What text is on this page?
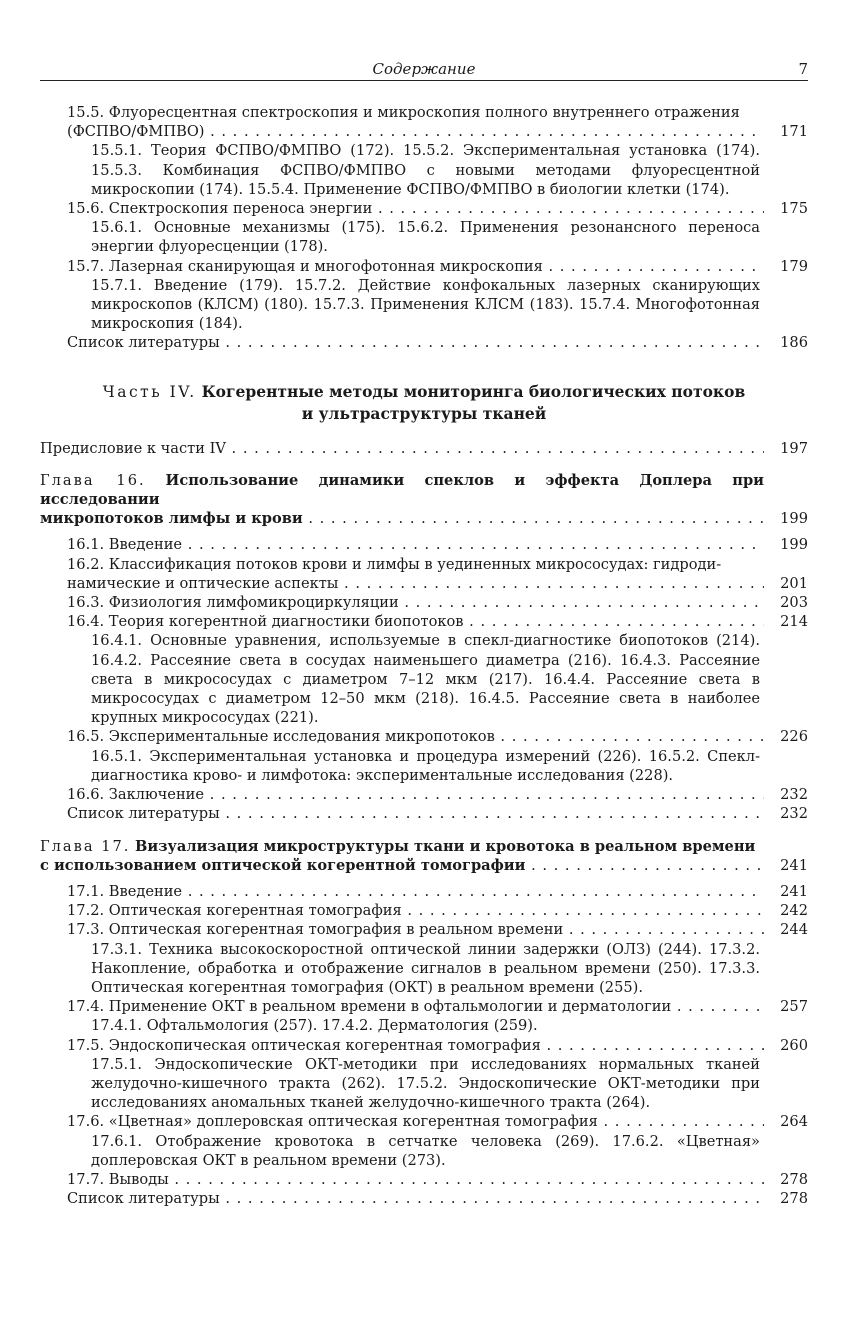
Содержание	7
15.5. Флуоресцентная спектроскопия и микроскопия полного внутреннего отражения
(ФСПВО/ФМПВО) . . .	171
15.5.1. Теория ФСПВО/ФМПВО (172). 15.5.2. Экспериментальная установка (174). 15.5.3. Комбинация ФСПВО/ФМПВО с новыми методами флуоресцентной микроскопии (174). 15.5.4. Применение ФСПВО/ФМПВО в биологии клетки (174).
15.6. Спектроскопия переноса энергии . . .	175
15.6.1. Основные механизмы (175). 15.6.2. Применения резонансного переноса энергии флуоресценции (178).
15.7. Лазерная сканирующая и многофотонная микроскопия . . .	179
15.7.1. Введение (179). 15.7.2. Действие конфокальных лазерных сканирующих микроскопов (КЛСМ) (180). 15.7.3. Применения КЛСМ (183). 15.7.4. Многофотонная микроскопия (184).
Список литературы . . .	186
Часть IV. Когерентные методы мониторинга биологических потоков
и ультраструктуры тканей
Предисловие к части IV . . .	197
Глава 16. Использование динамики спеклов и эффекта Доплера при исследовании
микропотоков лимфы и крови . . .	199
16.1. Введение . . .	199
16.2. Классификация потоков крови и лимфы в уединенных микрососудах: гидроди-
намические и оптические аспекты . . .	201
16.3. Физиология лимфомикроциркуляции . . .	203
16.4. Теория когерентной диагностики биопотоков . . .	214
16.4.1. Основные уравнения, используемые в спекл-диагностике биопотоков (214). 16.4.2. Рассеяние света в сосудах наименьшего диаметра (216). 16.4.3. Рассеяние света в микрососудах с диаметром 7–12 мкм (217). 16.4.4. Рассеяние света в микрососудах с диаметром 12–50 мкм (218). 16.4.5. Рассеяние света в наиболее крупных микрососудах (221).
16.5. Экспериментальные исследования микропотоков . . .	226
16.5.1. Экспериментальная установка и процедура измерений (226). 16.5.2. Спекл-диагностика крово- и лимфотока: экспериментальные исследования (228).
16.6. Заключение . . .	232
Список литературы . . .	232
Глава 17. Визуализация микроструктуры ткани и кровотока в реальном времени
с использованием оптической когерентной томографии . . .	241
17.1. Введение . . .	241
17.2. Оптическая когерентная томография . . .	242
17.3. Оптическая когерентная томография в реальном времени . . .	244
17.3.1. Техника высокоскоростной оптической линии задержки (ОЛЗ) (244). 17.3.2. Накопление, обработка и отображение сигналов в реальном времени (250). 17.3.3. Оптическая когерентная томография (ОКТ) в реальном времени (255).
17.4. Применение ОКТ в реальном времени в офтальмологии и дерматологии . . .	257
17.4.1. Офтальмология (257). 17.4.2. Дерматология (259).
17.5. Эндоскопическая оптическая когерентная томография . . .	260
17.5.1. Эндоскопические ОКТ-методики при исследованиях нормальных тканей желудочно-кишечного тракта (262). 17.5.2. Эндоскопические ОКТ-методики при исследованиях аномальных тканей желудочно-кишечного тракта (264).
17.6. «Цветная» доплеровская оптическая когерентная томография . . .	264
17.6.1. Отображение кровотока в сетчатке человека (269). 17.6.2. «Цветная» доплеровская ОКТ в реальном времени (273).
17.7. Выводы . . .	278
Список литературы . . .	278
